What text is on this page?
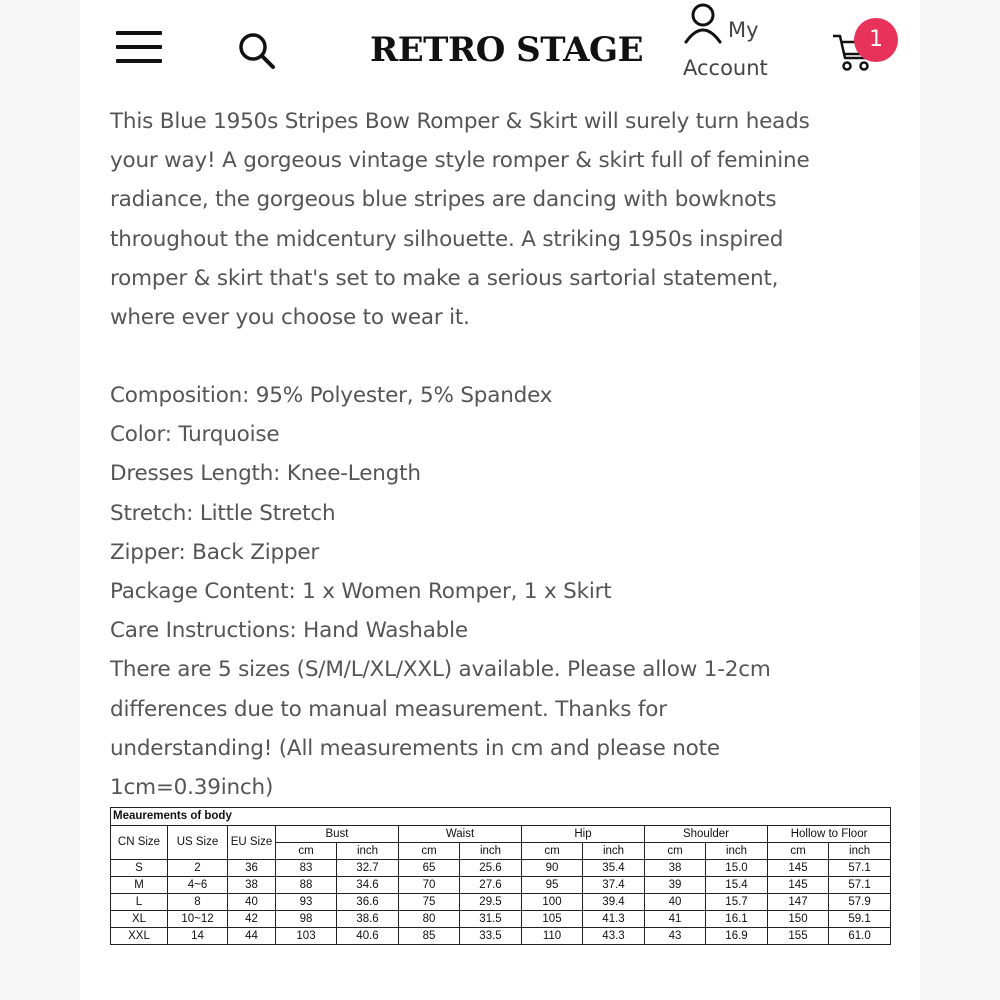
RETRO STAGE	My
Account
1
This Blue 1950s Stripes Bow Romper & Skirt will surely turn heads
your way! A gorgeous vintage style romper & skirt full of feminine
radiance, the gorgeous blue stripes are dancing with bowknots
throughout the midcentury silhouette. A striking 1950s inspired
romper & skirt that's set to make a serious sartorial statement,
where ever you choose to wear it.
Composition: 95% Polyester, 5% Spandex
Color: Turquoise
Dresses Length: Knee-Length
Stretch: Little Stretch
Zipper: Back Zipper
Package Content: 1 x Women Romper, 1 x Skirt
Care Instructions: Hand Washable
There are 5 sizes (S/M/L/XL/XXL) available. Please allow 1-2cm
differences due to manual measurement. Thanks for
understanding! (All measurements in cm and please note
1cm=0.39inch)
Meaurements of body												
CN Size	US Size	EU Size	Bust		Waist		Hip		Shoulder		Hollow to Floor	
			cm	inch	cm	inch	cm	inch	cm	inch	cm	inch
S	2	36	83	32.7	65	25.6	90	35.4	38	15.0	145	57.1
M	4~6	38	88	34.6	70	27.6	95	37.4	39	15.4	145	57.1
L	8	40	93	36.6	75	29.5	100	39.4	40	15.7	147	57.9
XL	10~12	42	98	38.6	80	31.5	105	41.3	41	16.1	150	59.1
XXL	14	44	103	40.6	85	33.5	110	43.3	43	16.9	155	61.0
